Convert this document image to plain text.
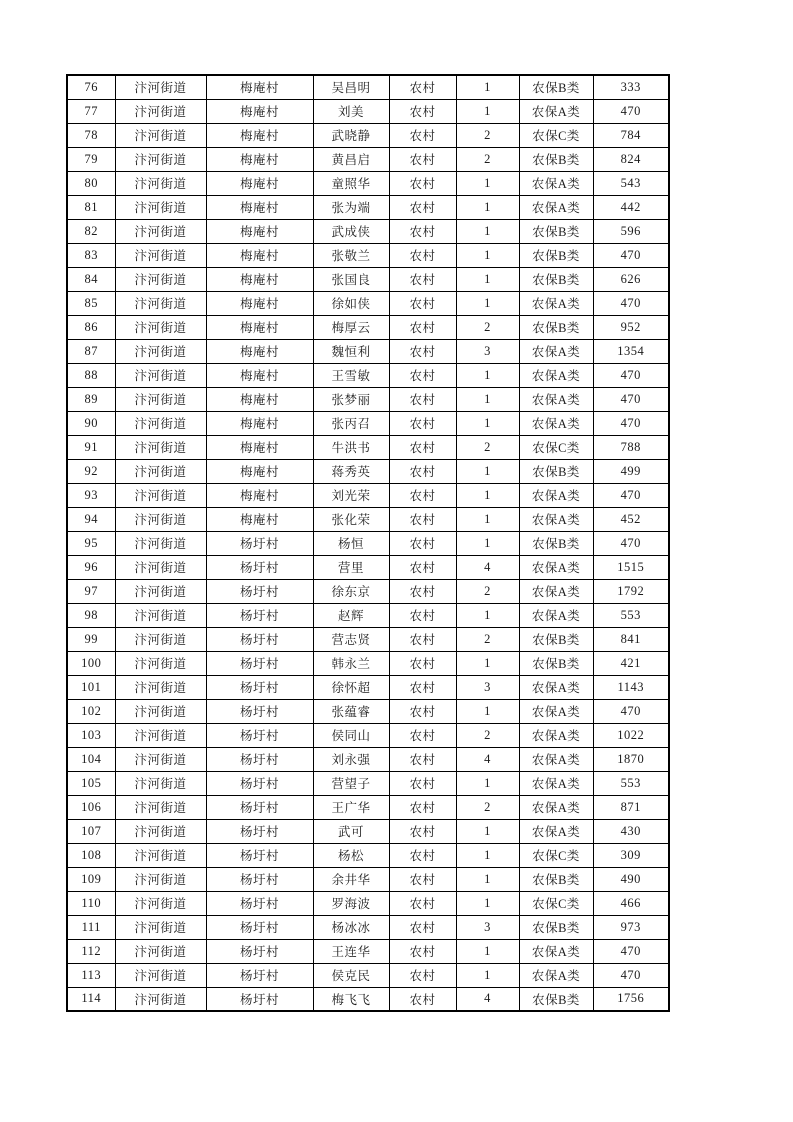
76	汴河街道	梅庵村	吴昌明	农村	1	农保B类	333
77	汴河街道	梅庵村	刘美	农村	1	农保A类	470
78	汴河街道	梅庵村	武晓静	农村	2	农保C类	784
79	汴河街道	梅庵村	黄昌启	农村	2	农保B类	824
80	汴河街道	梅庵村	童照华	农村	1	农保A类	543
81	汴河街道	梅庵村	张为端	农村	1	农保A类	442
82	汴河街道	梅庵村	武成侠	农村	1	农保B类	596
83	汴河街道	梅庵村	张敬兰	农村	1	农保B类	470
84	汴河街道	梅庵村	张国良	农村	1	农保B类	626
85	汴河街道	梅庵村	徐如侠	农村	1	农保A类	470
86	汴河街道	梅庵村	梅厚云	农村	2	农保B类	952
87	汴河街道	梅庵村	魏恒利	农村	3	农保A类	1354
88	汴河街道	梅庵村	王雪敏	农村	1	农保A类	470
89	汴河街道	梅庵村	张梦丽	农村	1	农保A类	470
90	汴河街道	梅庵村	张丙召	农村	1	农保A类	470
91	汴河街道	梅庵村	牛洪书	农村	2	农保C类	788
92	汴河街道	梅庵村	蒋秀英	农村	1	农保B类	499
93	汴河街道	梅庵村	刘光荣	农村	1	农保A类	470
94	汴河街道	梅庵村	张化荣	农村	1	农保A类	452
95	汴河街道	杨圩村	杨恒	农村	1	农保B类	470
96	汴河街道	杨圩村	营里	农村	4	农保A类	1515
97	汴河街道	杨圩村	徐东京	农村	2	农保A类	1792
98	汴河街道	杨圩村	赵辉	农村	1	农保A类	553
99	汴河街道	杨圩村	营志贤	农村	2	农保B类	841
100	汴河街道	杨圩村	韩永兰	农村	1	农保B类	421
101	汴河街道	杨圩村	徐怀超	农村	3	农保A类	1143
102	汴河街道	杨圩村	张蕴睿	农村	1	农保A类	470
103	汴河街道	杨圩村	侯同山	农村	2	农保A类	1022
104	汴河街道	杨圩村	刘永强	农村	4	农保A类	1870
105	汴河街道	杨圩村	营望子	农村	1	农保A类	553
106	汴河街道	杨圩村	王广华	农村	2	农保A类	871
107	汴河街道	杨圩村	武可	农村	1	农保A类	430
108	汴河街道	杨圩村	杨松	农村	1	农保C类	309
109	汴河街道	杨圩村	余井华	农村	1	农保B类	490
110	汴河街道	杨圩村	罗海波	农村	1	农保C类	466
111	汴河街道	杨圩村	杨冰冰	农村	3	农保B类	973
112	汴河街道	杨圩村	王连华	农村	1	农保A类	470
113	汴河街道	杨圩村	侯克民	农村	1	农保A类	470
114	汴河街道	杨圩村	梅飞飞	农村	4	农保B类	1756
